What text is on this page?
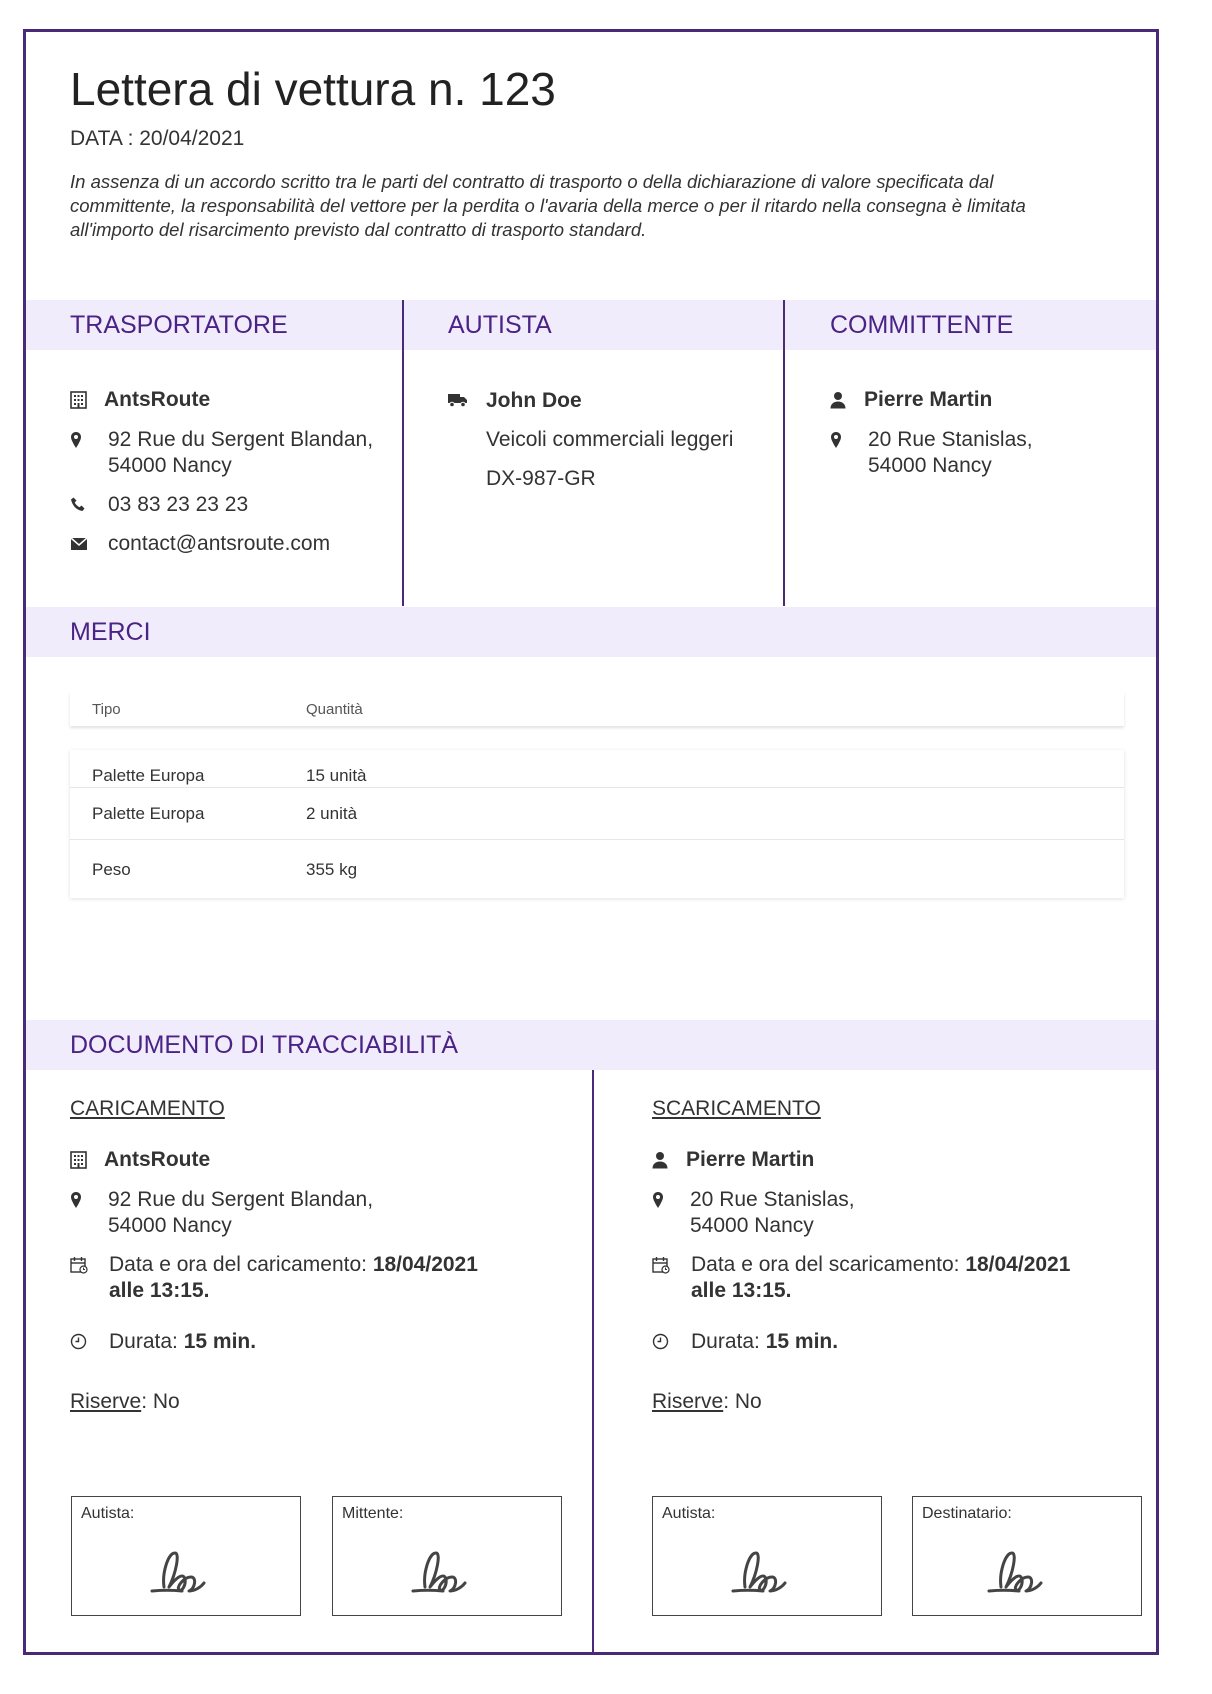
Lettera di vettura n. 123
DATA : 20/04/2021
In assenza di un accordo scritto tra le parti del contratto di trasporto o della dichiarazione di valore specificata dal committente, la responsabilità del vettore per la perdita o l'avaria della merce o per il ritardo nella consegna è limitata all'importo del risarcimento previsto dal contratto di trasporto standard.
TRASPORTATORE	AUTISTA	COMMITTENTE
AntsRoute
92 Rue du Sergent Blandan,
54000 Nancy
03 83 23 23 23
contact@antsroute.com
John Doe
Veicoli commerciali leggeri
DX-987-GR
Pierre Martin
20 Rue Stanislas,
54000 Nancy
MERCI
Tipo	Quantità
Palette Europa	15 unità
Palette Europa	2 unità
Peso	355 kg
DOCUMENTO DI TRACCIABILITÀ
CARICAMENTO
AntsRoute
92 Rue du Sergent Blandan,
54000 Nancy
Data e ora del caricamento: 18/04/2021
alle 13:15.
Durata: 15 min.
Riserve: No
Autista:	Mittente:
SCARICAMENTO
Pierre Martin
20 Rue Stanislas,
54000 Nancy
Data e ora del scaricamento: 18/04/2021
alle 13:15.
Durata: 15 min.
Riserve: No
Autista:	Destinatario:
